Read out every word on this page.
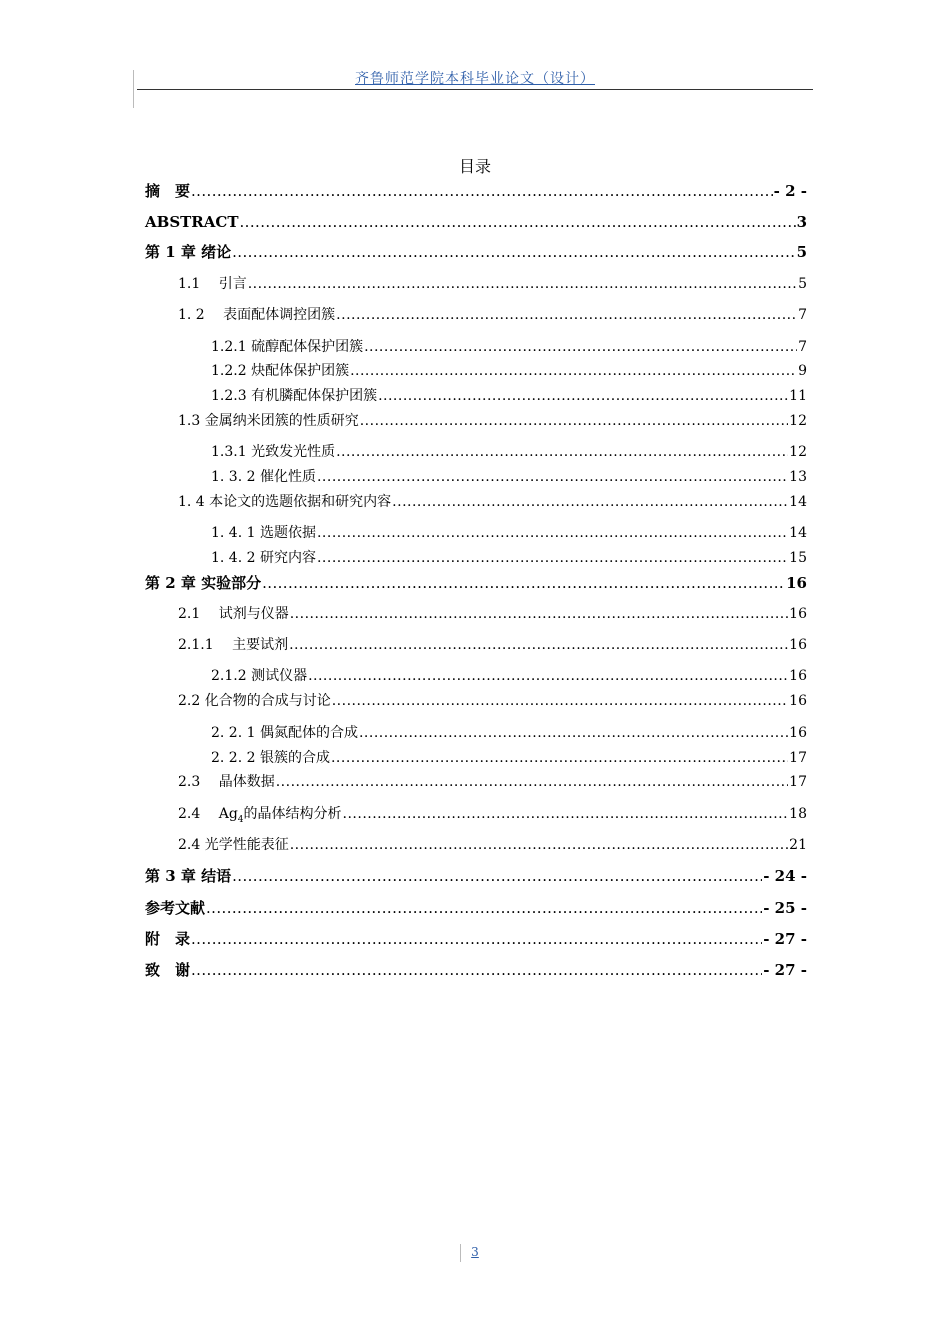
齐鲁师范学院本科毕业论文（设计）
目录
摘　要 .....	- 2 -
ABSTRACT .....	3
第 1 章 绪论 .....	5
1.1　 引言 .....	5
1. 2　 表面配体调控团簇 .....	7
1.2.1 硫醇配体保护团簇 .....	7
1.2.2 炔配体保护团簇 .....	9
1.2.3 有机膦配体保护团簇 .....	11
1.3 金属纳米团簇的性质研究 .....	12
1.3.1 光致发光性质 .....	12
1. 3. 2 催化性质 .....	13
1. 4 本论文的选题依据和研究内容 .....	14
1. 4. 1 选题依据 .....	14
1. 4. 2 研究内容 .....	15
第 2 章 实验部分 .....	16
2.1　 试剂与仪器 .....	16
2.1.1　 主要试剂 .....	16
2.1.2 测试仪器 .....	16
2.2 化合物的合成与讨论 .....	16
2. 2. 1 偶氮配体的合成 .....	16
2. 2. 2 银簇的合成 .....	17
2.3　 晶体数据 .....	17
2.4　 $Ag_4$的晶体结构分析 .....	18
2.4 光学性能表征 .....	21
第 3 章 结语 .....	- 24 -
参考文献 .....	- 25 -
附　录 .....	- 27 -
致　谢 .....	- 27 -
3
